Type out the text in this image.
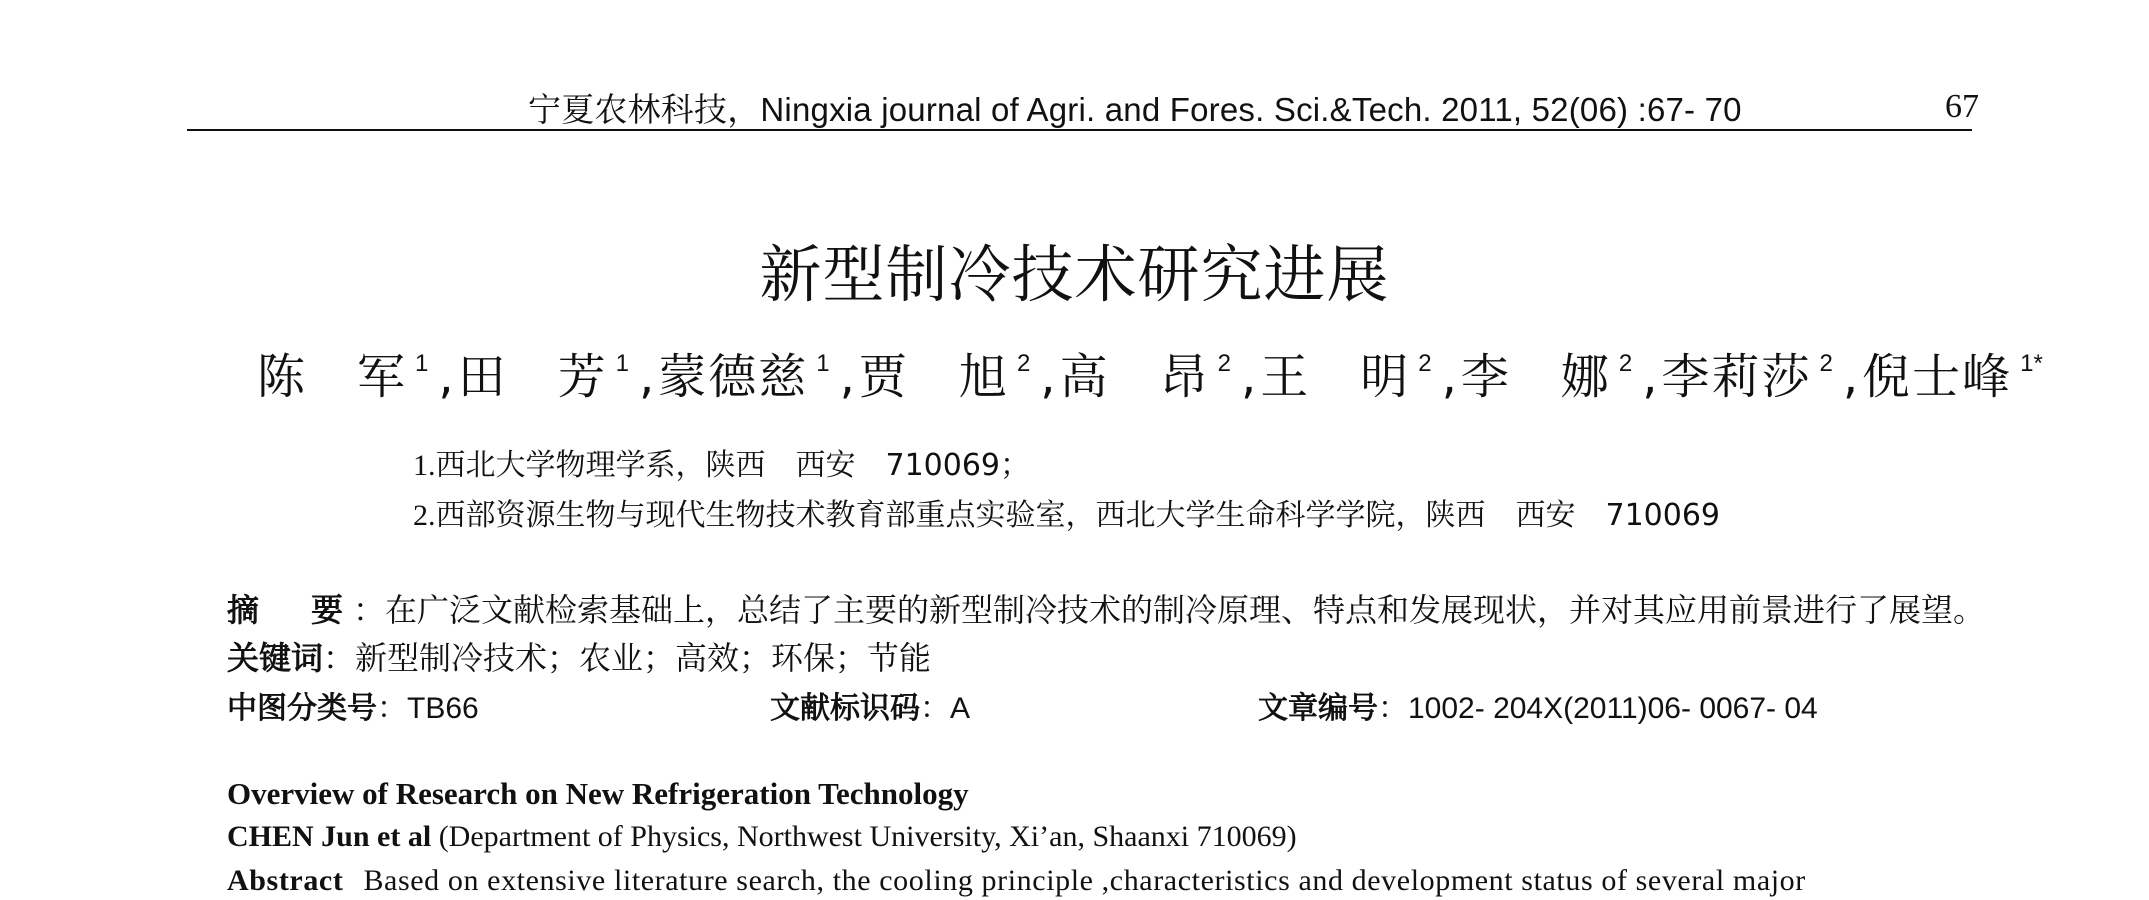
宁夏农林科技，Ningxia journal of Agri. and Fores. Sci.&Tech. 2011, 52(06) :67- 70	67
新型制冷技术研究进展
陈　军 $^1$ ,田　芳 $^1$ ,蒙德慈 $^1$ ,贾　旭 $^2$ ,高　昂 $^2$ ,王　明 $^2$ ,李　娜 $^2$ ,李莉莎 $^2$ ,倪士峰 $^{1*}$
1.西北大学物理学系，陕西　西安　710069；
2.西部资源生物与现代生物技术教育部重点实验室，西北大学生命科学学院，陕西　西安　710069
摘　要：在广泛文献检索基础上，总结了主要的新型制冷技术的制冷原理、特点和发展现状，并对其应用前景进行了展望。
关键词：新型制冷技术；农业；高效；环保；节能
中图分类号：TB66	文献标识码：A	文章编号：1002- 204X(2011)06- 0067- 04
Overview of Research on New Refrigeration Technology
CHEN Jun et al (Department of Physics, Northwest University, Xi’an, Shaanxi 710069)
Abstract Based on extensive literature search, the cooling principle ,characteristics and development status of several major
